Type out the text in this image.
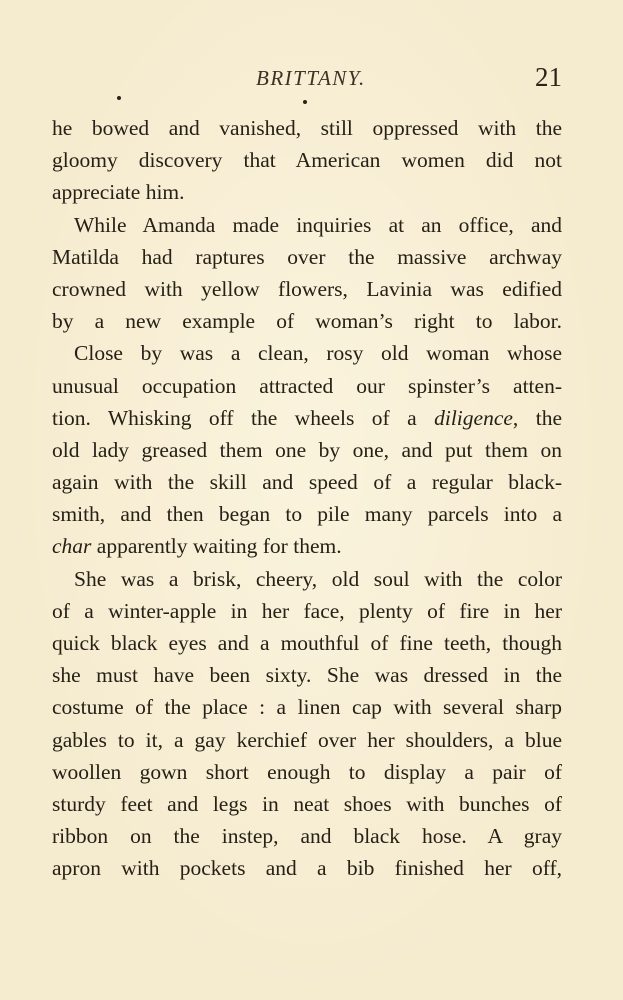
BRITTANY.	21
he bowed and vanished, still oppressed with the
gloomy discovery that American women did not
appreciate him.
While Amanda made inquiries at an office, and
Matilda had raptures over the massive archway
crowned with yellow flowers, Lavinia was edified
by a new example of woman’s right to labor.
Close by was a clean, rosy old woman whose
unusual occupation attracted our spinster’s atten-
tion. Whisking off the wheels of a diligence, the
old lady greased them one by one, and put them on
again with the skill and speed of a regular black-
smith, and then began to pile many parcels into a
char apparently waiting for them.
She was a brisk, cheery, old soul with the color
of a winter-apple in her face, plenty of fire in her
quick black eyes and a mouthful of fine teeth, though
she must have been sixty. She was dressed in the
costume of the place : a linen cap with several sharp
gables to it, a gay kerchief over her shoulders, a blue
woollen gown short enough to display a pair of
sturdy feet and legs in neat shoes with bunches of
ribbon on the instep, and black hose. A gray
apron with pockets and a bib finished her off,
